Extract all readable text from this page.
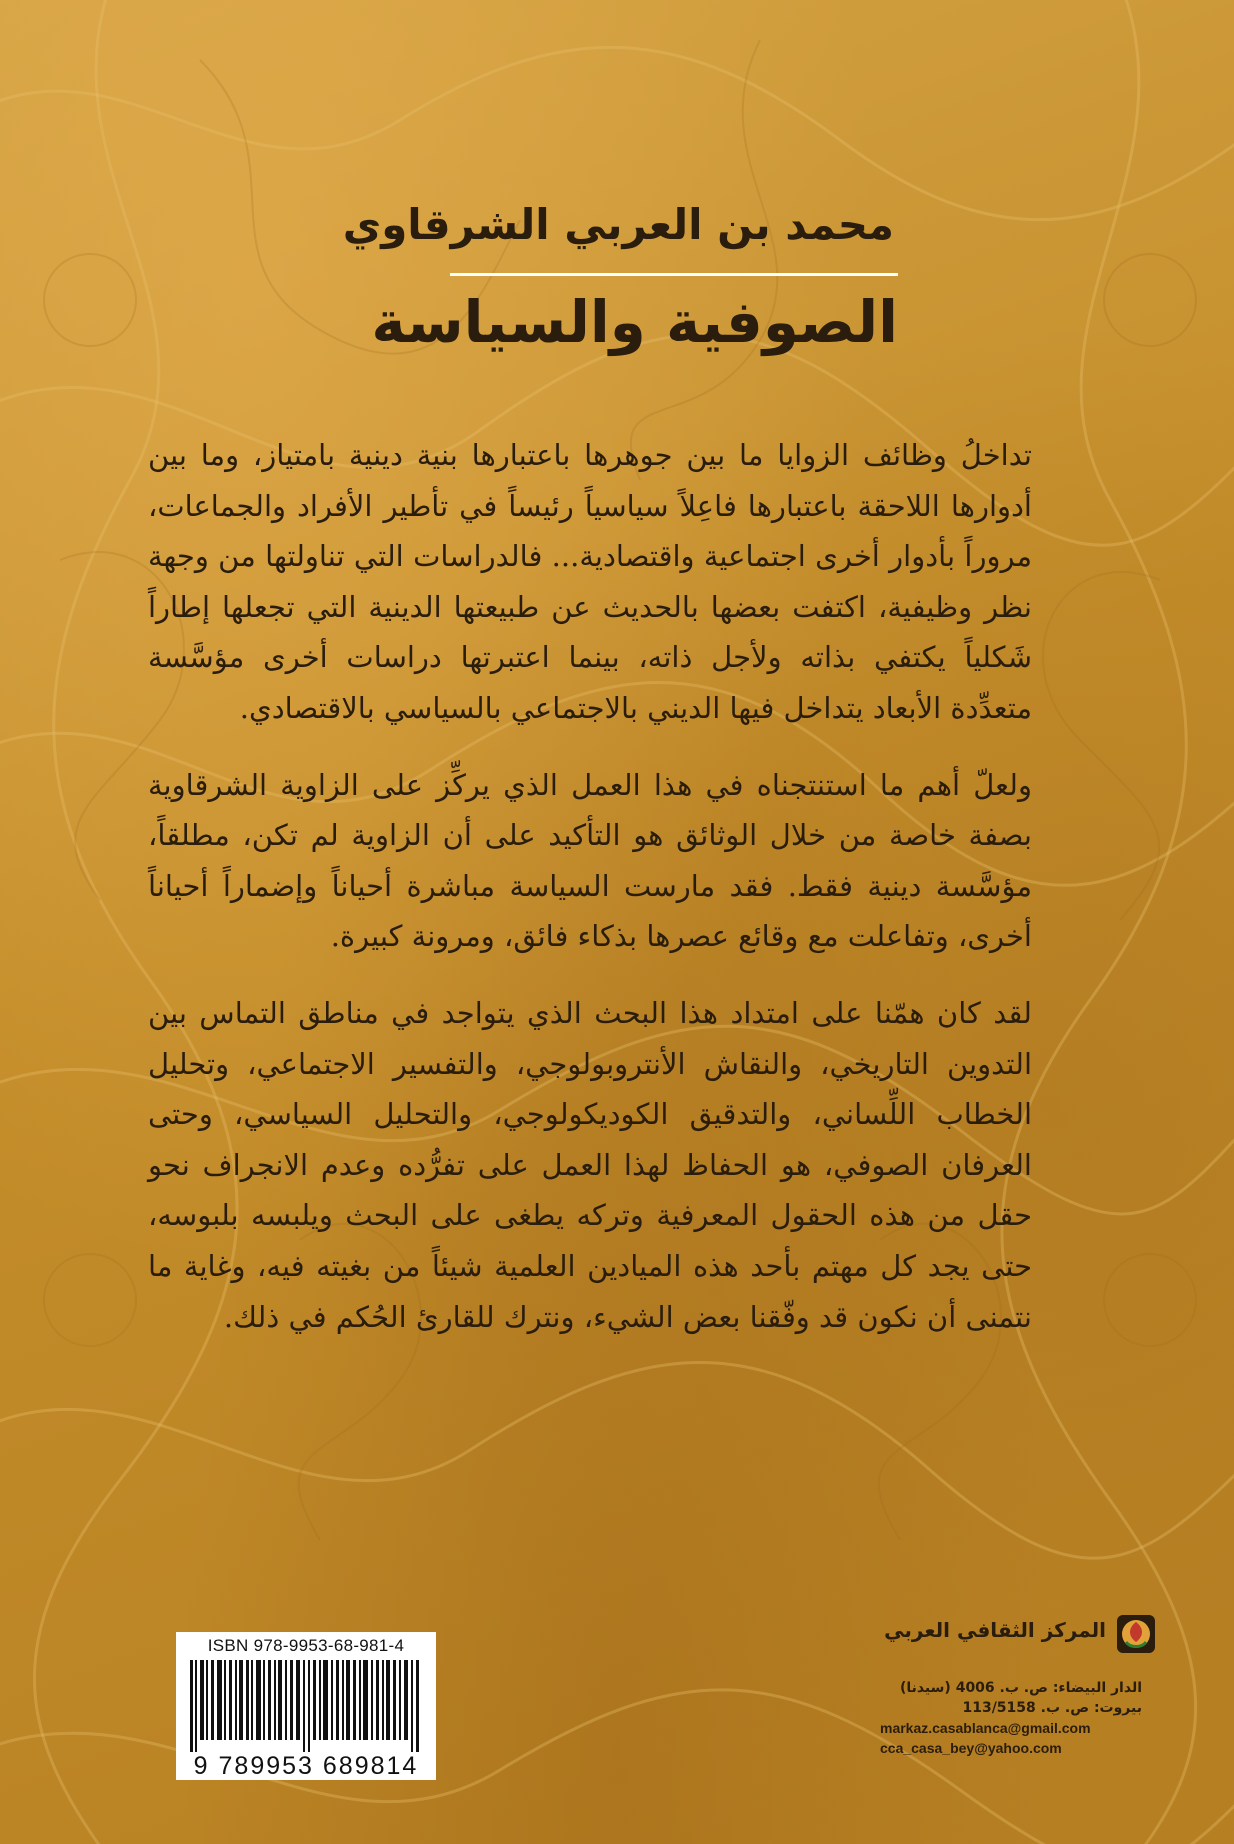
محمد بن العربي الشرقاوي
الصوفية والسياسة

تداخلُ وظائف الزوايا ما بين جوهرها باعتبارها بنية دينية بامتياز، وما بين أدوارها اللاحقة باعتبارها فاعِلاً سياسياً رئيساً في تأطير الأفراد والجماعات، مروراً بأدوار أخرى اجتماعية واقتصادية... فالدراسات التي تناولتها من وجهة نظر وظيفية، اكتفت بعضها بالحديث عن طبيعتها الدينية التي تجعلها إطاراً شَكلياً يكتفي بذاته ولأجل ذاته، بينما اعتبرتها دراسات أخرى مؤسَّسة متعدِّدة الأبعاد يتداخل فيها الديني بالاجتماعي بالسياسي بالاقتصادي.

ولعلّ أهم ما استنتجناه في هذا العمل الذي يركِّز على الزاوية الشرقاوية بصفة خاصة من خلال الوثائق هو التأكيد على أن الزاوية لم تكن، مطلقاً، مؤسَّسة دينية فقط. فقد مارست السياسة مباشرة أحياناً وإضماراً أحياناً أخرى، وتفاعلت مع وقائع عصرها بذكاء فائق، ومرونة كبيرة.

لقد كان همّنا على امتداد هذا البحث الذي يتواجد في مناطق التماس بين التدوين التاريخي، والنقاش الأنتروبولوجي، والتفسير الاجتماعي، وتحليل الخطاب اللِّساني، والتدقيق الكوديكولوجي، والتحليل السياسي، وحتى العرفان الصوفي، هو الحفاظ لهذا العمل على تفرُّده وعدم الانجراف نحو حقل من هذه الحقول المعرفية وتركه يطغى على البحث ويلبسه بلبوسه، حتى يجد كل مهتم بأحد هذه الميادين العلمية شيئاً من بغيته فيه، وغاية ما نتمنى أن نكون قد وفّقنا بعض الشيء، ونترك للقارئ الحُكم في ذلك.

ISBN 978-9953-68-981-4
9 789953 689814
المركز الثقافي العربي
الدار البيضاء: ص. ب. 4006 (سيدنا)
بيروت: ص. ب. 113/5158
markaz.casablanca@gmail.com
cca_casa_bey@yahoo.com
